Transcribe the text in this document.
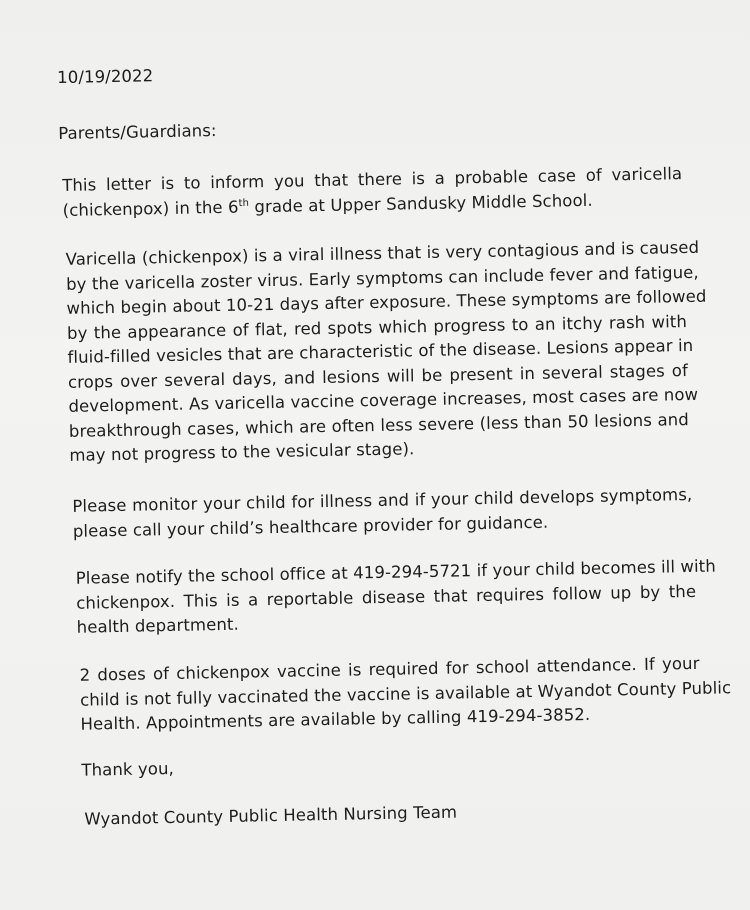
10/19/2022
Parents/Guardians:
This letter is to inform you that there is a probable case of varicella
(chickenpox) in the 6th grade at Upper Sandusky Middle School.
Varicella (chickenpox) is a viral illness that is very contagious and is caused
by the varicella zoster virus. Early symptoms can include fever and fatigue,
which begin about 10-21 days after exposure. These symptoms are followed
by the appearance of flat, red spots which progress to an itchy rash with
fluid-filled vesicles that are characteristic of the disease. Lesions appear in
crops over several days, and lesions will be present in several stages of
development. As varicella vaccine coverage increases, most cases are now
breakthrough cases, which are often less severe (less than 50 lesions and
may not progress to the vesicular stage).
Please monitor your child for illness and if your child develops symptoms,
please call your child’s healthcare provider for guidance.
Please notify the school office at 419-294-5721 if your child becomes ill with
chickenpox. This is a reportable disease that requires follow up by the
health department.
2 doses of chickenpox vaccine is required for school attendance. If your
child is not fully vaccinated the vaccine is available at Wyandot County Public
Health. Appointments are available by calling 419-294-3852.
Thank you,
Wyandot County Public Health Nursing Team
